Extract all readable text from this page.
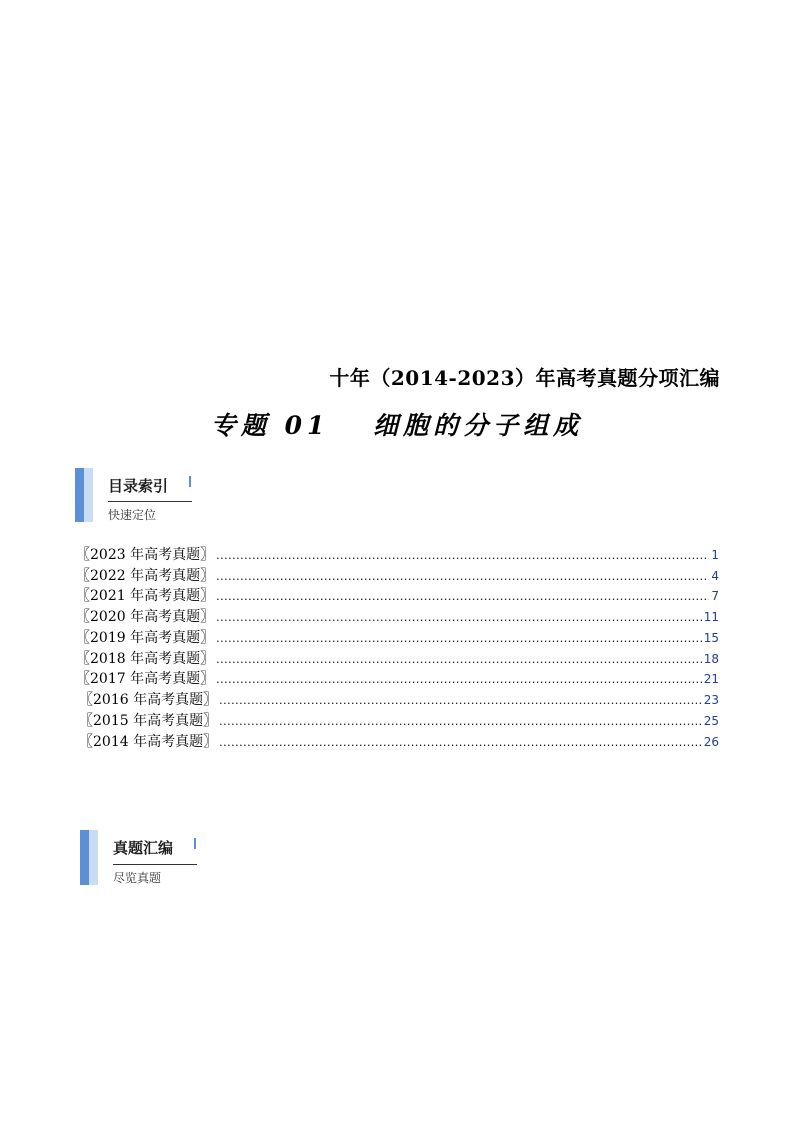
十年（2014-2023）年高考真题分项汇编
专题 01　 细胞的分子组成
目录索引
快速定位
〖2023 年高考真题〗 .....	1
〖2022 年高考真题〗 .....	4
〖2021 年高考真题〗 .....	7
〖2020 年高考真题〗 .....	11
〖2019 年高考真题〗 .....	15
〖2018 年高考真题〗 .....	18
〖2017 年高考真题〗 .....	21
〖2016 年高考真题〗 .....	23
〖2015 年高考真题〗 .....	25
〖2014 年高考真题〗 .....	26
真题汇编
尽览真题
